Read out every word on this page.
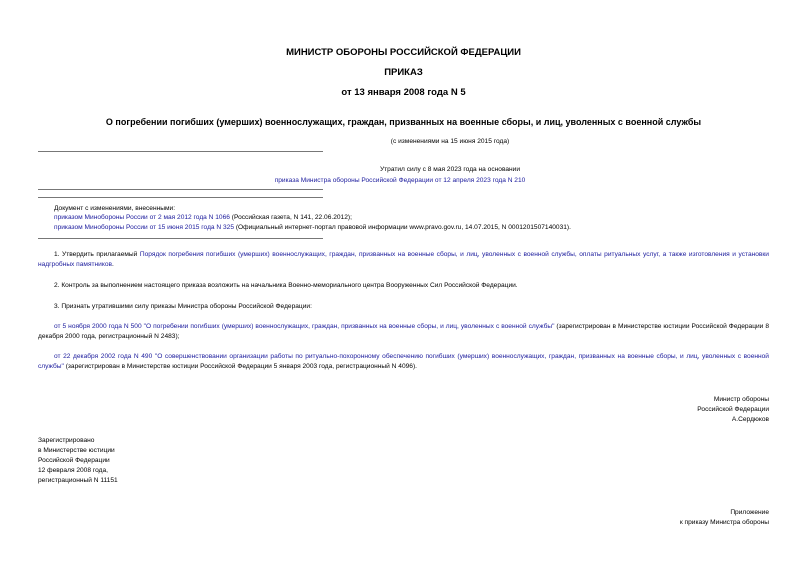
МИНИСТР ОБОРОНЫ РОССИЙСКОЙ ФЕДЕРАЦИИ
ПРИКАЗ
от 13 января 2008 года N 5
О погребении погибших (умерших) военнослужащих, граждан, призванных на военные сборы, и лиц, уволенных с военной службы
(с изменениями на 15 июня 2015 года)
Утратил силу с 8 мая 2023 года на основании
приказа Министра обороны Российской Федерации от 12 апреля 2023 года N 210
Документ с изменениями, внесенными:
приказом Минобороны России от 2 мая 2012 года N 1066 (Российская газета, N 141, 22.06.2012);
приказом Минобороны России от 15 июня 2015 года N 325 (Официальный интернет-портал правовой информации www.pravo.gov.ru, 14.07.2015, N 0001201507140031).
1. Утвердить прилагаемый Порядок погребения погибших (умерших) военнослужащих, граждан, призванных на военные сборы, и лиц, уволенных с военной службы, оплаты ритуальных услуг, а также изготовления и установки надгробных памятников.
2. Контроль за выполнением настоящего приказа возложить на начальника Военно-мемориального центра Вооруженных Сил Российской Федерации.
3. Признать утратившими силу приказы Министра обороны Российской Федерации:
от 5 ноября 2000 года N 500 "О погребении погибших (умерших) военнослужащих, граждан, призванных на военные сборы, и лиц, уволенных с военной службы" (зарегистрирован в Министерстве юстиции Российской Федерации 8 декабря 2000 года, регистрационный N 2483);
от 22 декабря 2002 года N 490 "О совершенствовании организации работы по ритуально-похоронному обеспечению погибших (умерших) военнослужащих, граждан, призванных на военные сборы, и лиц, уволенных с военной службы" (зарегистрирован в Министерстве юстиции Российской Федерации 5 января 2003 года, регистрационный N 4096).
Министр обороны
Российской Федерации
А.Сердюков
Зарегистрировано
в Министерстве юстиции
Российской Федерации
12 февраля 2008 года,
регистрационный N 11151
Приложение
к приказу Министра обороны
